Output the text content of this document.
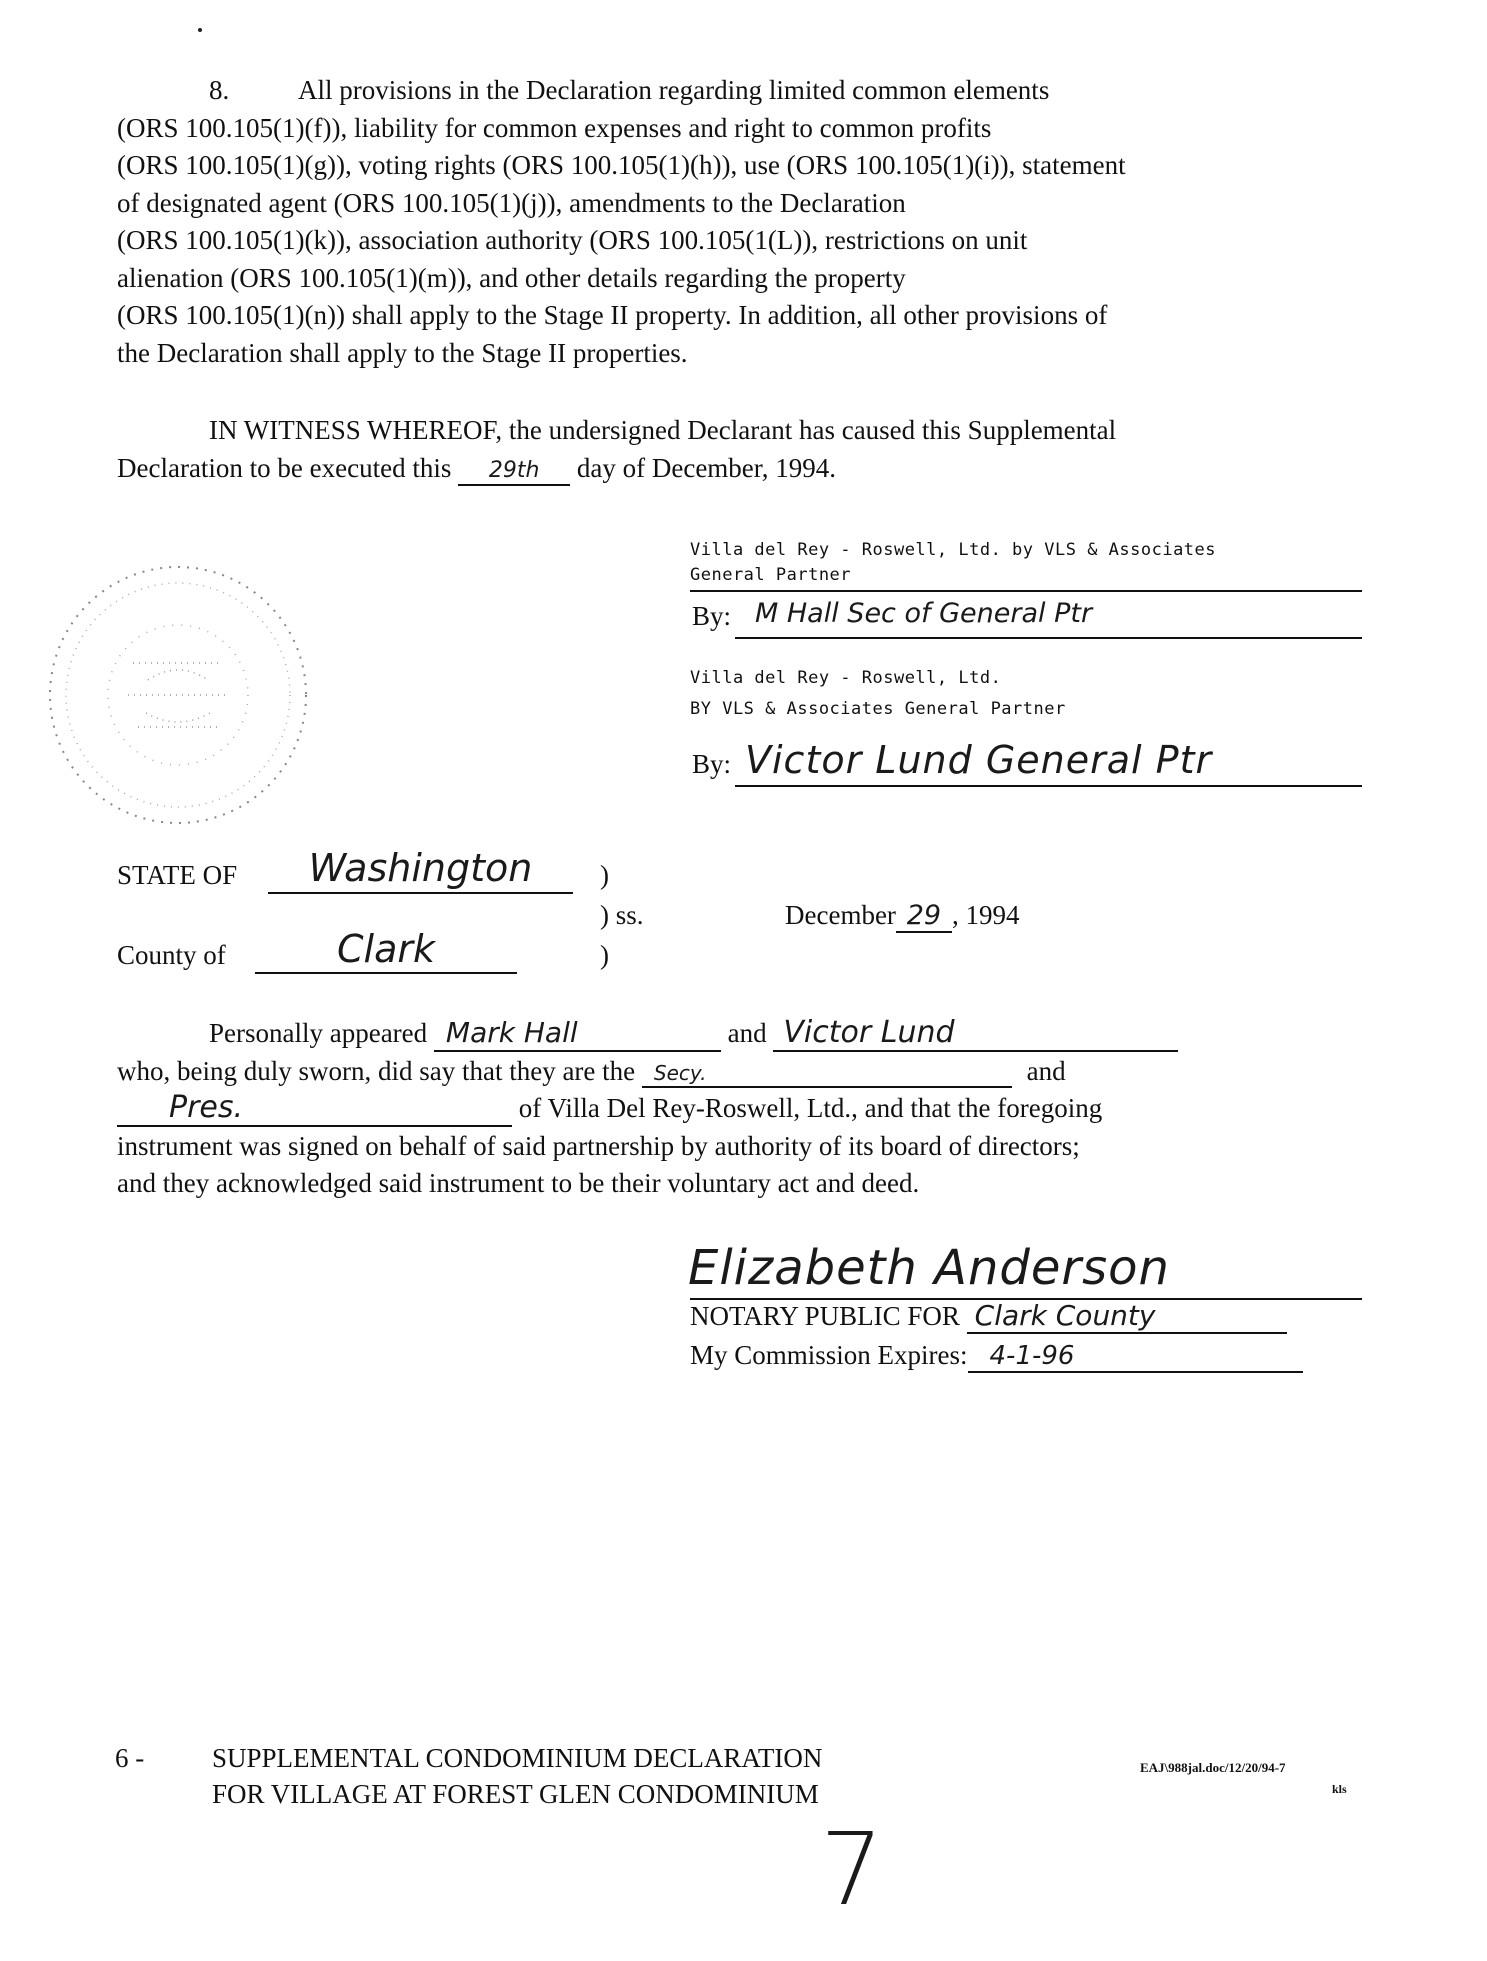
8.	All provisions in the Declaration regarding limited common elements
(ORS 100.105(1)(f)), liability for common expenses and right to common profits
(ORS 100.105(1)(g)), voting rights (ORS 100.105(1)(h)), use (ORS 100.105(1)(i)), statement
of designated agent (ORS 100.105(1)(j)), amendments to the Declaration
(ORS 100.105(1)(k)), association authority (ORS 100.105(1(L)), restrictions on unit
alienation (ORS 100.105(1)(m)), and other details regarding the property
(ORS 100.105(1)(n)) shall apply to the Stage II property. In addition, all other provisions of
the Declaration shall apply to the Stage II properties.
IN WITNESS WHEREOF, the undersigned Declarant has caused this Supplemental
Declaration to be executed this 29th day of December, 1994.
Villa del Rey - Roswell, Ltd. by VLS & Associates
General Partner
By: M Hall Sec of General Ptr
Villa del Rey - Roswell, Ltd.
BY VLS & Associates General Partner
By: Victor Lund General Ptr
STATE OF	Washington	)
) ss.
)
December 29 , 1994
County of	Clark
Personally appeared Mark Hall	and Victor Lund
who, being duly sworn, did say that they are the Secy.	and
Pres.	of Villa Del Rey-Roswell, Ltd., and that the foregoing
instrument was signed on behalf of said partnership by authority of its board of directors;
and they acknowledged said instrument to be their voluntary act and deed.
Elizabeth Anderson
NOTARY PUBLIC FOR Clark County
My Commission Expires: 4-1-96
6 -	SUPPLEMENTAL CONDOMINIUM DECLARATION
FOR VILLAGE AT FOREST GLEN CONDOMINIUM
EAJ\988jal.doc/12/20/94-7
kls
7
